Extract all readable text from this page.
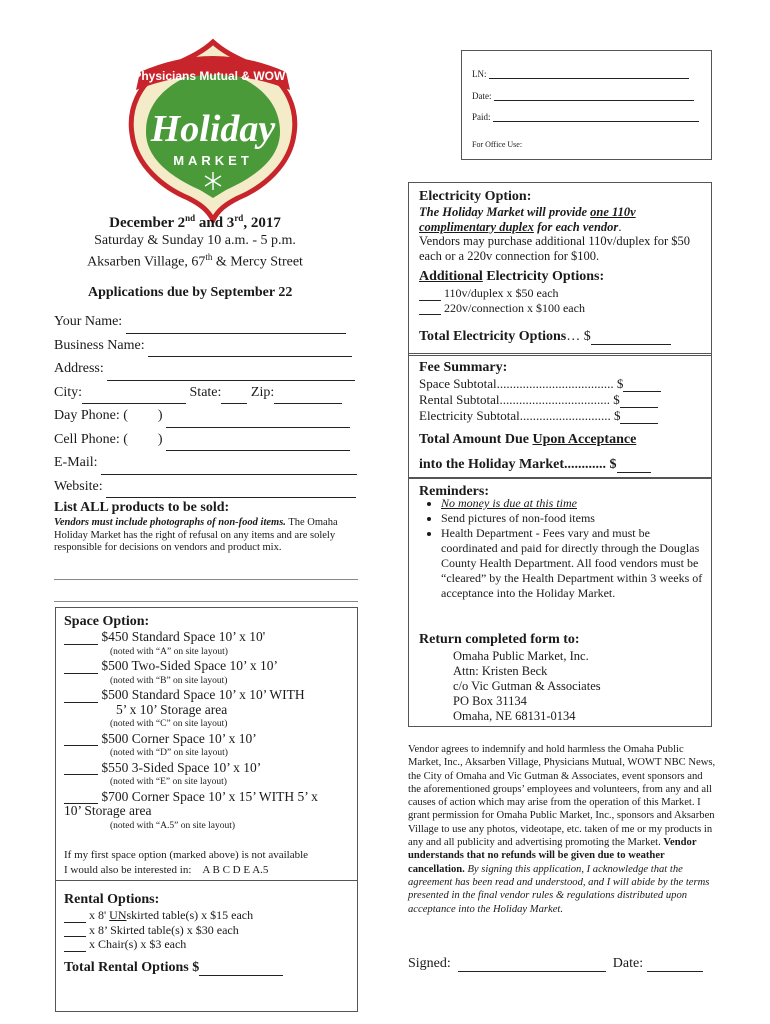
Physicians Mutual & WOWT
Holiday
MARKET
LN:
Date:
Paid:
For Office Use:
December 2nd and 3rd, 2017
Saturday & Sunday 10 a.m. - 5 p.m.
Aksarben Village, 67th & Mercy Street
Applications due by September 22
Your Name:
Business Name:
Address:
City:	State: Zip:
Day Phone: ( )
Cell Phone: ( )
E-Mail:
Website:
List ALL products to be sold:
Vendors must include photographs of non-food items. The Omaha Holiday Market has the right of refusal on any items and are solely responsible for decisions on vendors and product mix.
Space Option:
$450 Standard Space 10’ x 10'
(noted with “A” on site layout)
$500 Two-Sided Space 10’ x 10’
(noted with “B” on site layout)
$500 Standard Space 10’ x 10’ WITH
5’ x 10’ Storage area
(noted with “C” on site layout)
$500 Corner Space 10’ x 10’
(noted with “D” on site layout)
$550 3-Sided Space 10’ x 10’
(noted with “E” on site layout)
$700 Corner Space 10’ x 15’ WITH 5’ x
10’ Storage area
(noted with “A.5” on site layout)
If my first space option (marked above) is not available
I would also be interested in: A B C D E A.5
Rental Options:
x 8' UNskirted table(s) x $15 each
x 8’ Skirted table(s) x $30 each
x Chair(s) x $3 each
Total Rental Options $
Electricity Option:
The Holiday Market will provide one 110v complimentary duplex for each vendor.
Vendors may purchase additional 110v/duplex for $50 each or a 220v connection for $100.
Additional Electricity Options:
110v/duplex x $50 each
220v/connection x $100 each
Total Electricity Options… $
Fee Summary:
Space Subtotal.................................... $
Rental Subtotal.................................. $
Electricity Subtotal............................ $
Total Amount Due Upon Acceptance
into the Holiday Market............ $
Reminders:
• No money is due at this time
• Send pictures of non-food items
• Health Department - Fees vary and must be coordinated and paid for directly through the Douglas County Health Department. All food vendors must be “cleared” by the Health Department within 3 weeks of acceptance into the Holiday Market.
Return completed form to:
Omaha Public Market, Inc.
Attn: Kristen Beck
c/o Vic Gutman & Associates
PO Box 31134
Omaha, NE 68131-0134
Vendor agrees to indemnify and hold harmless the Omaha Public Market, Inc., Aksarben Village, Physicians Mutual, WOWT NBC News, the City of Omaha and Vic Gutman & Associates, event sponsors and the aforementioned groups’ employees and volunteers, from any and all causes of action which may arise from the operation of this Market. I grant permission for Omaha Public Market, Inc., sponsors and Aksarben Village to use any photos, videotape, etc. taken of me or my products in any and all publicity and advertising promoting the Market. Vendor understands that no refunds will be given due to weather cancellation. By signing this application, I acknowledge that the agreement has been read and understood, and I will abide by the terms presented in the final vendor rules & regulations distributed upon acceptance into the Holiday Market.
Signed:	Date:
